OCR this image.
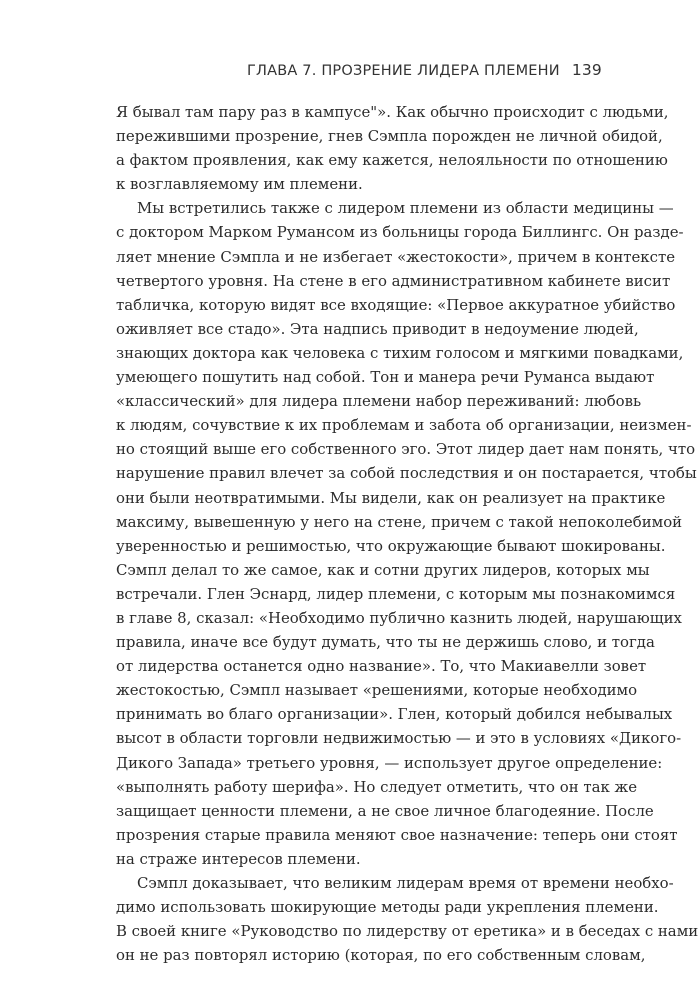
ГЛАВА 7. ПРОЗРЕНИЕ ЛИДЕРА ПЛЕМЕНИ 139
Я бывал там пару раз в кампусе"». Как обычно происходит с людьми,
пережившими прозрение, гнев Сэмпла порожден не личной обидой,
а фактом проявления, как ему кажется, нелояльности по отношению
к возглавляемому им племени.
Мы встретились также с лидером племени из области медицины —
с доктором Марком Румансом из больницы города Биллингс. Он разде-
ляет мнение Сэмпла и не избегает «жестокости», причем в контексте
четвертого уровня. На стене в его административном кабинете висит
табличка, которую видят все входящие: «Первое аккуратное убийство
оживляет все стадо». Эта надпись приводит в недоумение людей,
знающих доктора как человека с тихим голосом и мягкими повадками,
умеющего пошутить над собой. Тон и манера речи Руманса выдают
«классический» для лидера племени набор переживаний: любовь
к людям, сочувствие к их проблемам и забота об организации, неизмен-
но стоящий выше его собственного эго. Этот лидер дает нам понять, что
нарушение правил влечет за собой последствия и он постарается, чтобы
они были неотвратимыми. Мы видели, как он реализует на практике
максиму, вывешенную у него на стене, причем с такой непоколебимой
уверенностью и решимостью, что окружающие бывают шокированы.
Сэмпл делал то же самое, как и сотни других лидеров, которых мы
встречали. Глен Эснард, лидер племени, с которым мы познакомимся
в главе 8, сказал: «Необходимо публично казнить людей, нарушающих
правила, иначе все будут думать, что ты не держишь слово, и тогда
от лидерства останется одно название». То, что Макиавелли зовет
жестокостью, Сэмпл называет «решениями, которые необходимо
принимать во благо организации». Глен, который добился небывалых
высот в области торговли недвижимостью — и это в условиях «Дикого-
Дикого Запада» третьего уровня, — использует другое определение:
«выполнять работу шерифа». Но следует отметить, что он так же
защищает ценности племени, а не свое личное благодеяние. После
прозрения старые правила меняют свое назначение: теперь они стоят
на страже интересов племени.
Сэмпл доказывает, что великим лидерам время от времени необхо-
димо использовать шокирующие методы ради укрепления племени.
В своей книге «Руководство по лидерству от еретика» и в беседах с нами
он не раз повторял историю (которая, по его собственным словам,
